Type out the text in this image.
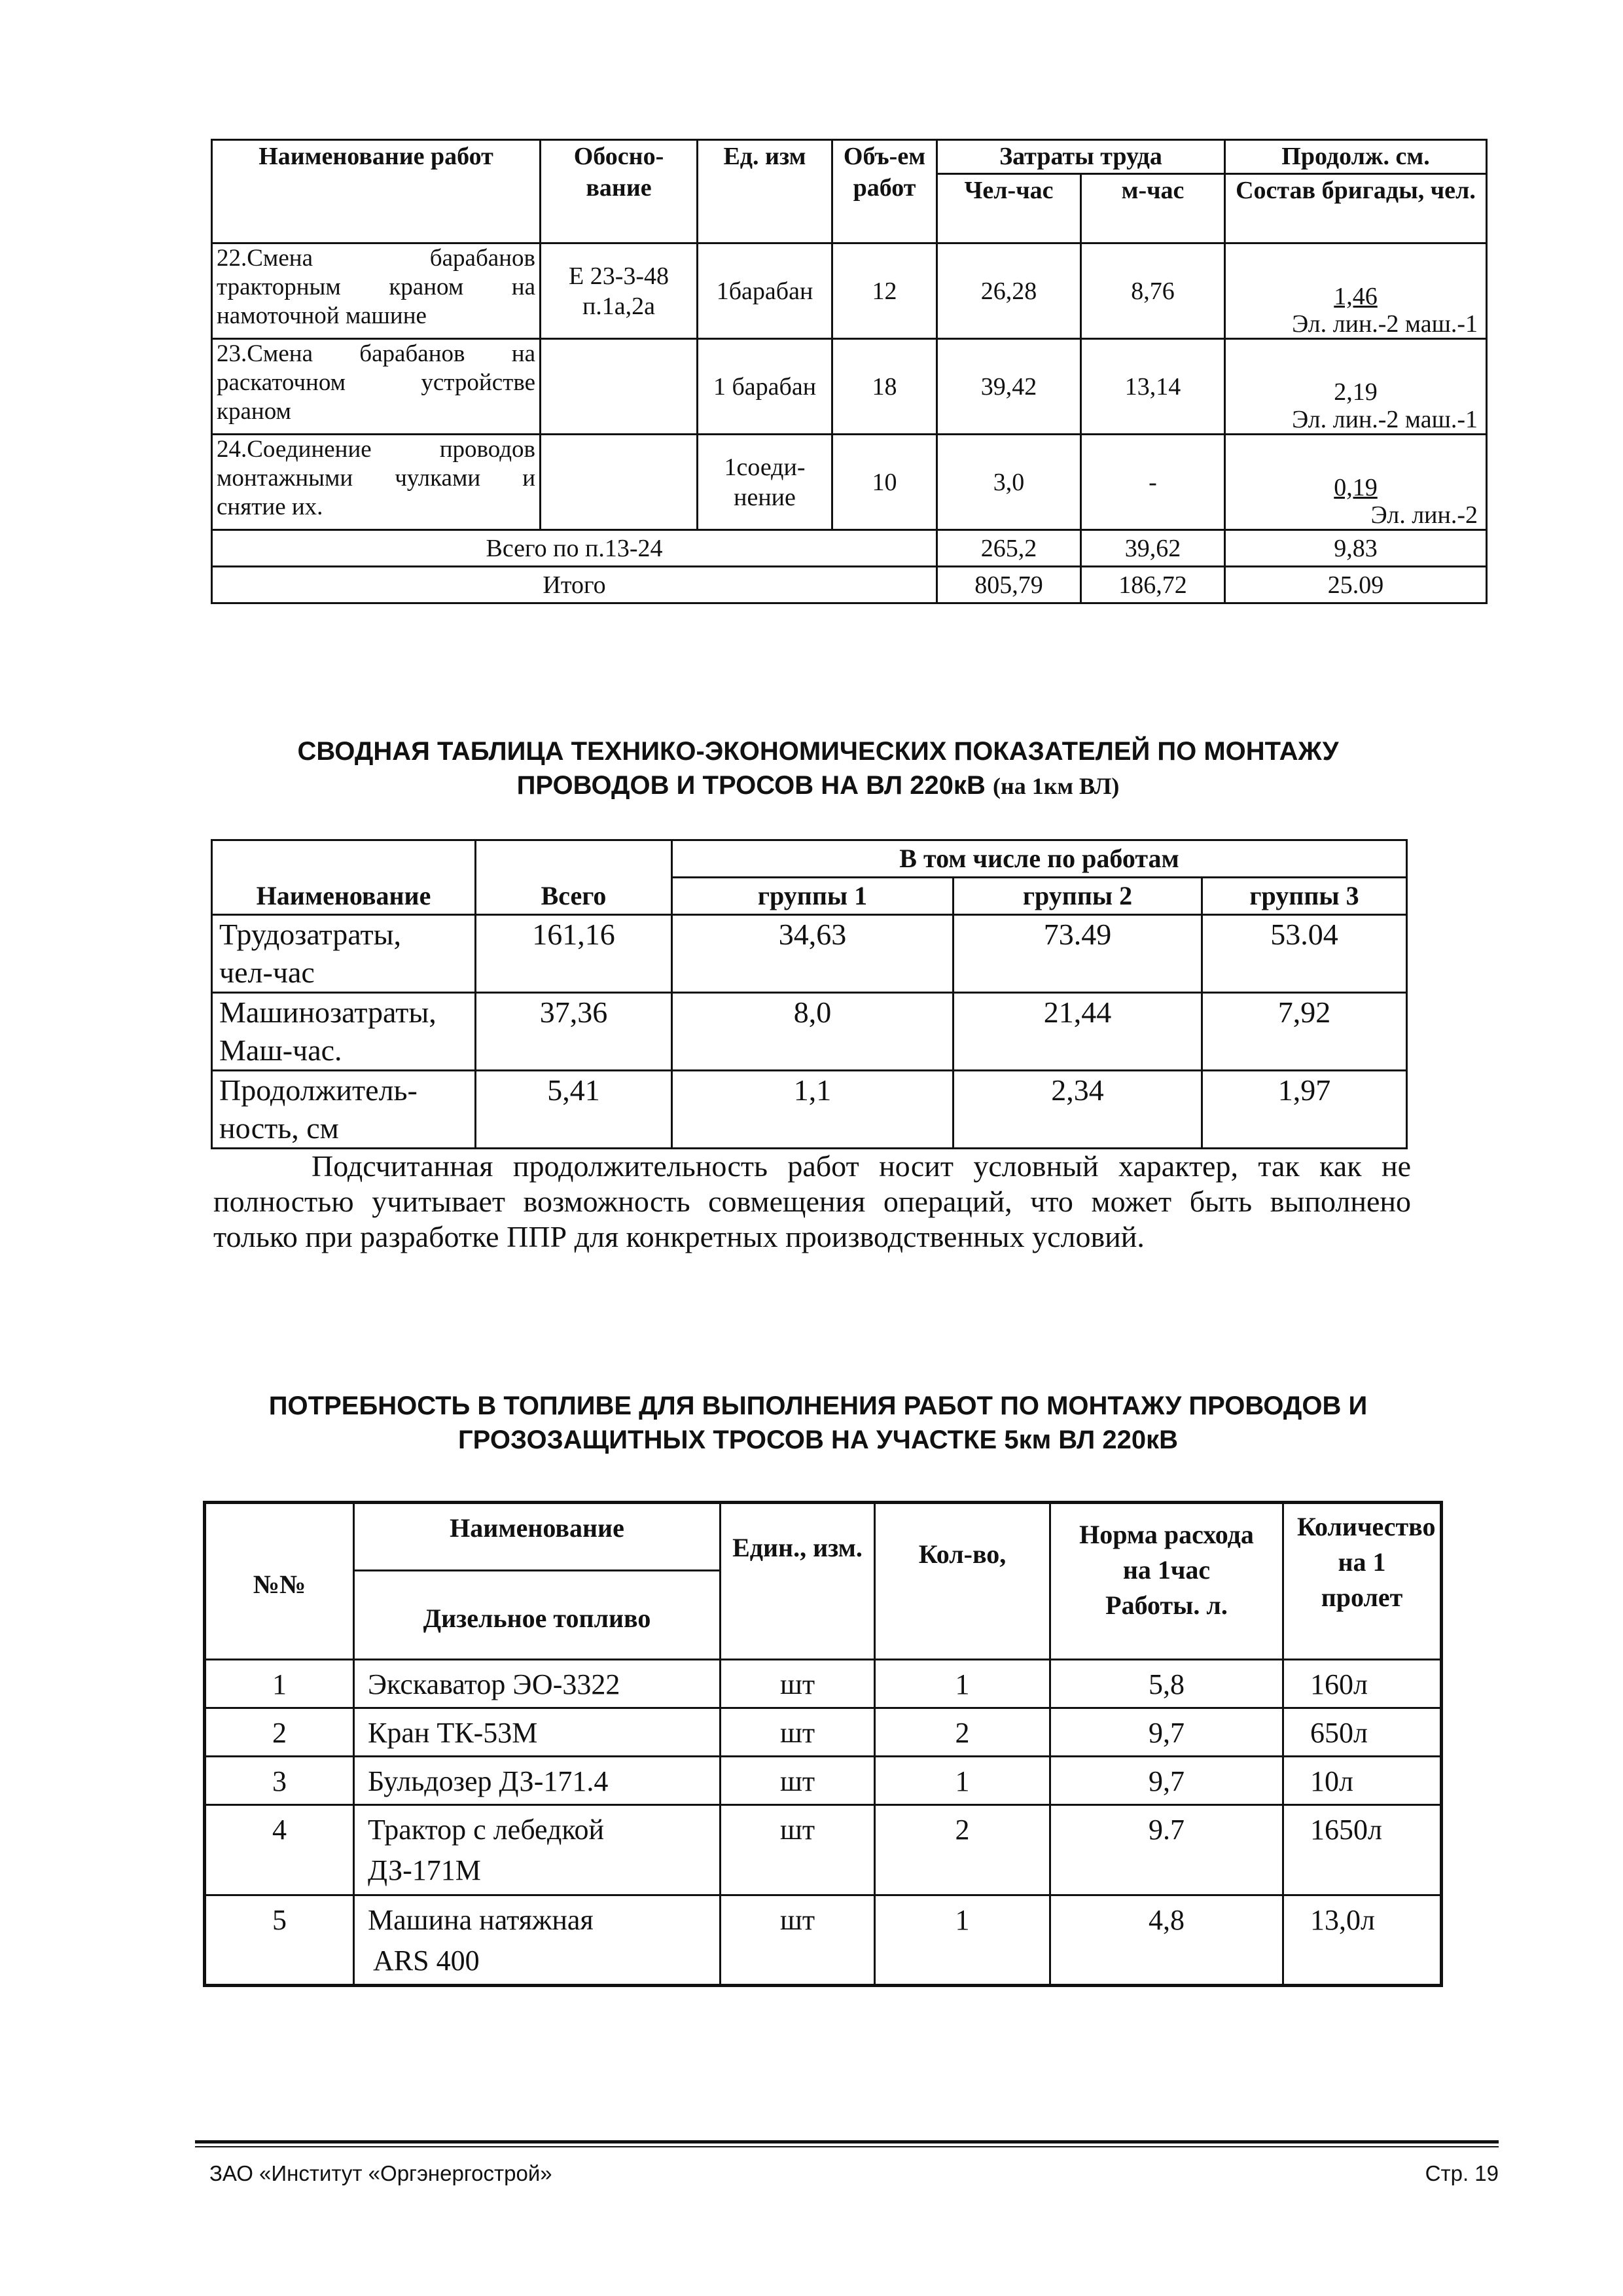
Наименование работ	Обосно-вание	Ед. изм	Объ-ем работ	Затраты труда		Продолж. см.
				Чел-час	м-час	Состав бригады, чел.
22.Смена барабанов тракторным краном на намоточной машине	Е 23-3-48 п.1а,2а	1барабан	12	26,28	8,76	1,46
Эл. лин.-2 маш.-1

23.Смена барабанов на раскаточном устройстве краном		1 барабан	18	39,42	13,14	2,19
Эл. лин.-2 маш.-1

24.Соединение проводов монтажными чулками и снятие их.		1соеди-нение	10	3,0	-	0,19
Эл. лин.-2

Всего по п.13-24				265,2	39,62	9,83
Итого				805,79	186,72	25.09
СВОДНАЯ ТАБЛИЦА ТЕХНИКО-ЭКОНОМИЧЕСКИХ ПОКАЗАТЕЛЕЙ ПО МОНТАЖУ
ПРОВОДОВ И ТРОСОВ НА ВЛ 220кВ (на 1км ВЛ)
Наименование	Всего	В том числе по работам		
		группы 1	группы 2	группы 3

Трудозатраты,
чел-час	161,16	34,63	73.49	53.04

Машинозатраты,
Маш-час.	37,36	8,0	21,44	7,92

Продолжитель-
ность, см	5,41	1,1	2,34	1,97
Подсчитанная продолжительность работ носит условный характер, так как не полностью учитывает возможность совмещения операций, что может быть выполнено только при разработке ППР для конкретных производственных условий.
ПОТРЕБНОСТЬ В ТОПЛИВЕ ДЛЯ ВЫПОЛНЕНИЯ РАБОТ ПО МОНТАЖУ ПРОВОДОВ И
ГРОЗОЗАЩИТНЫХ ТРОСОВ НА УЧАСТКЕ 5км ВЛ 220кВ
№№	Наименование	Един., изм.	Кол-во,	Норма расхода на 1час Работы. л.	Количество на 1 пролет
	Дизельное топливо				
1	Экскаватор ЭО-3322	шт	1	5,8	160л
2	Кран ТК-53М	шт	2	9,7	650л
3	Бульдозер ДЗ-171.4	шт	1	9,7	10л
4	Трактор с лебедкой
ДЗ-171М	шт	2	9.7	1650л
5	Машина натяжная
ARS 400	шт	1	4,8	13,0л
ЗАО «Институт «Оргэнергострой»	Стр. 19
